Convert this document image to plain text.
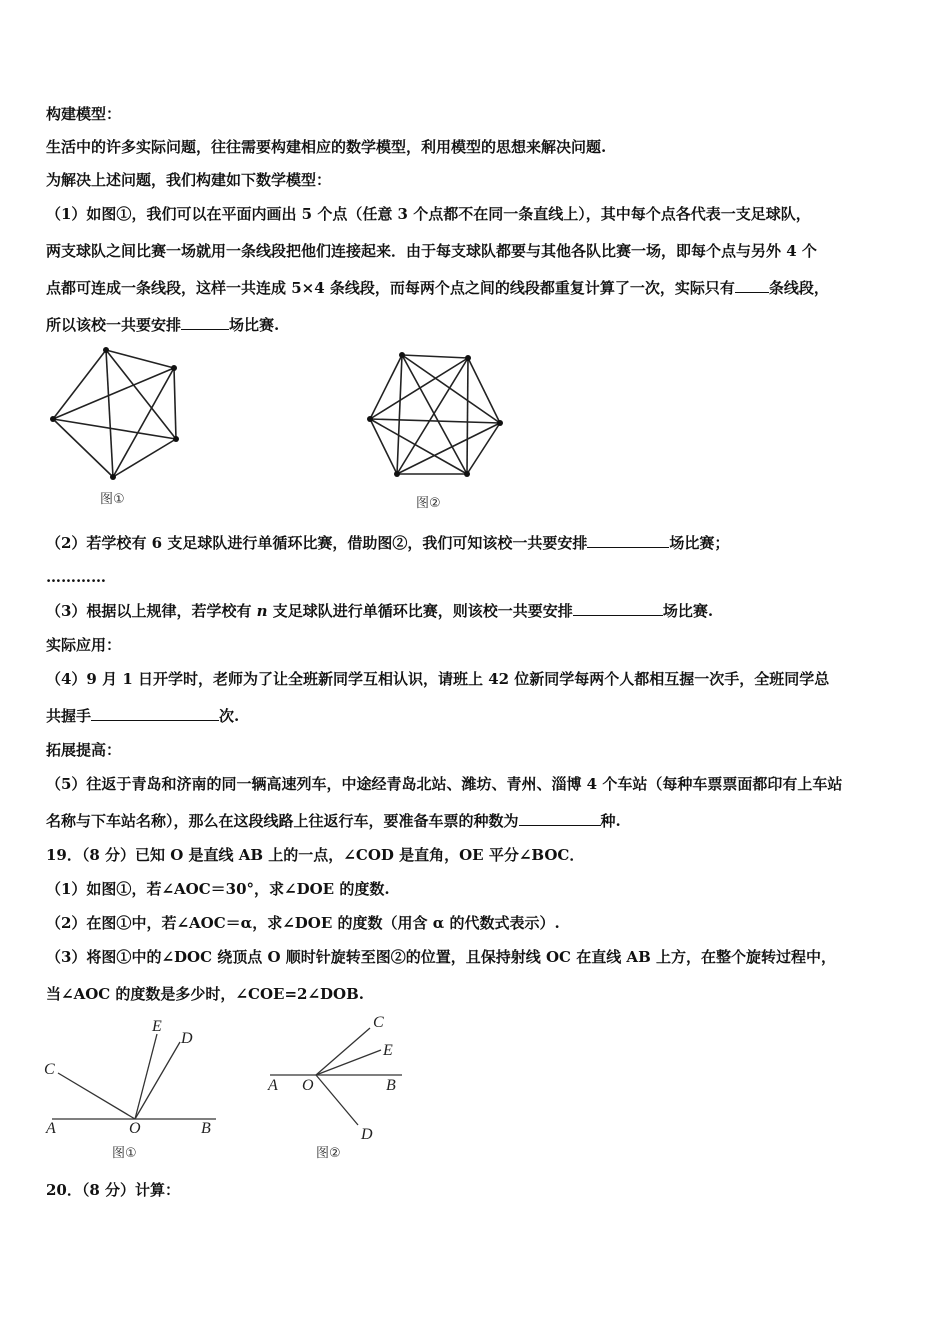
构建模型：
生活中的许多实际问题，往往需要构建相应的数学模型，利用模型的思想来解决问题.
为解决上述问题，我们构建如下数学模型：
（1）如图①，我们可以在平面内画出 5 个点（任意 3 个点都不在同一条直线上），其中每个点各代表一支足球队，
两支球队之间比赛一场就用一条线段把他们连接起来．由于每支球队都要与其他各队比赛一场，即每个点与另外 4 个
点都可连成一条线段，这样一共连成 5×4 条线段，而每两个点之间的线段都重复计算了一次，实际只有 条线段，
所以该校一共要安排	场比赛.
图①	图②
（2）若学校有 6 支足球队进行单循环比赛，借助图②，我们可知该校一共要安排	场比赛；
…………
（3）根据以上规律，若学校有 n 支足球队进行单循环比赛，则该校一共要安排	场比赛.
实际应用：
（4）9 月 1 日开学时，老师为了让全班新同学互相认识，请班上 42 位新同学每两个人都相互握一次手，全班同学总
共握手	次.
拓展提高：
（5）往返于青岛和济南的同一辆高速列车，中途经青岛北站、潍坊、青州、淄博 4 个车站（每种车票票面都印有上车站
名称与下车站名称），那么在这段线路上往返行车，要准备车票的种数为	种.
19．（8 分）已知 O 是直线 AB 上的一点，∠COD 是直角，OE 平分∠BOC．
（1）如图①，若∠AOC＝30°，求∠DOE 的度数.
（2）在图①中，若∠AOC＝α，求∠DOE 的度数（用含 α 的代数式表示）.
（3）将图①中的∠DOC 绕顶点 O 顺时针旋转至图②的位置，且保持射线 OC 在直线 AB 上方，在整个旋转过程中，
当∠AOC 的度数是多少时，∠COE=2∠DOB.
A	B
O
C
E
D
图①
A	B
O
C
E
D
图②
20．（8 分）计算：
